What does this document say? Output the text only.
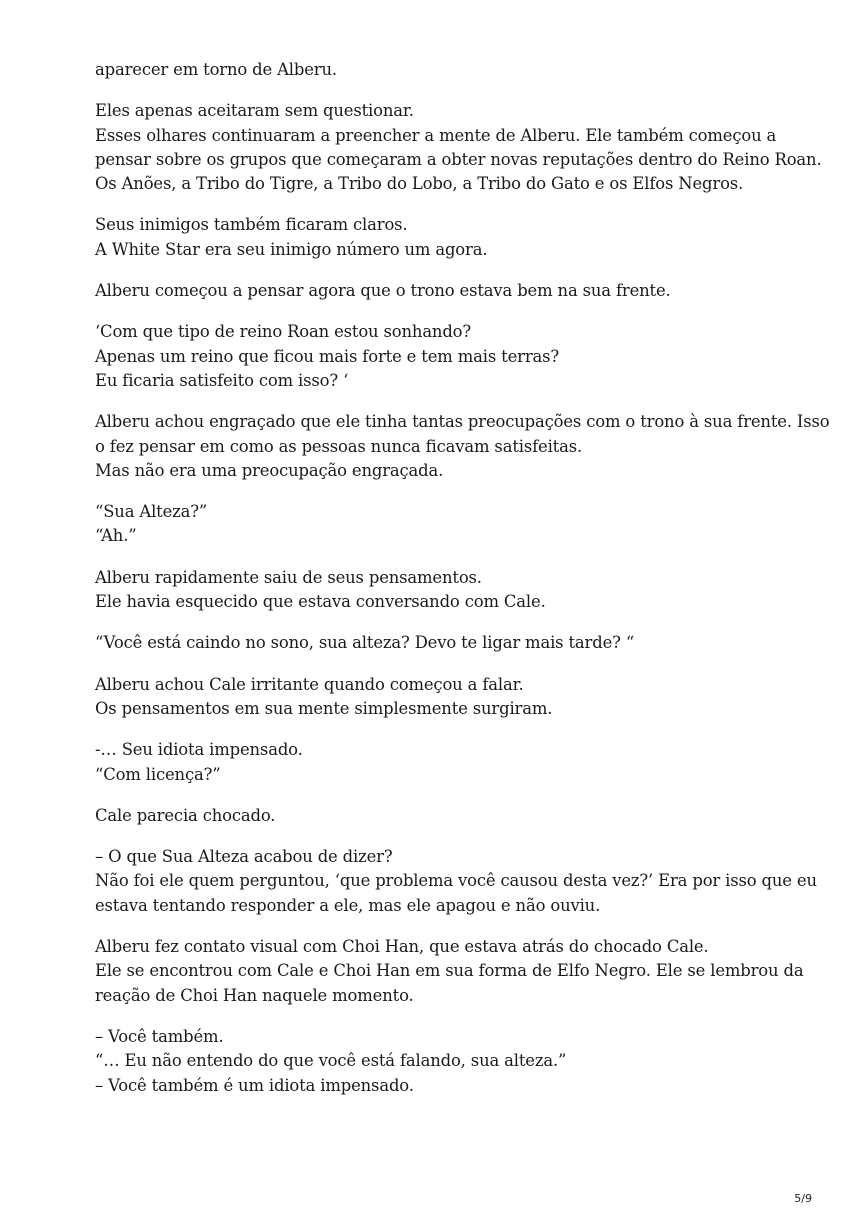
aparecer em torno de Alberu.

Eles apenas aceitaram sem questionar.
Esses olhares continuaram a preencher a mente de Alberu. Ele também começou a
pensar sobre os grupos que começaram a obter novas reputações dentro do Reino Roan.
Os Anões, a Tribo do Tigre, a Tribo do Lobo, a Tribo do Gato e os Elfos Negros.

Seus inimigos também ficaram claros.
A White Star era seu inimigo número um agora.

Alberu começou a pensar agora que o trono estava bem na sua frente.

‘Com que tipo de reino Roan estou sonhando?
Apenas um reino que ficou mais forte e tem mais terras?
Eu ficaria satisfeito com isso? ‘

Alberu achou engraçado que ele tinha tantas preocupações com o trono à sua frente. Isso
o fez pensar em como as pessoas nunca ficavam satisfeitas.
Mas não era uma preocupação engraçada.

“Sua Alteza?”
“Ah.”

Alberu rapidamente saiu de seus pensamentos.
Ele havia esquecido que estava conversando com Cale.

“Você está caindo no sono, sua alteza? Devo te ligar mais tarde? “

Alberu achou Cale irritante quando começou a falar.
Os pensamentos em sua mente simplesmente surgiram.

-… Seu idiota impensado.
“Com licença?”

Cale parecia chocado.

– O que Sua Alteza acabou de dizer?
Não foi ele quem perguntou, ‘que problema você causou desta vez?’ Era por isso que eu
estava tentando responder a ele, mas ele apagou e não ouviu.

Alberu fez contato visual com Choi Han, que estava atrás do chocado Cale.
Ele se encontrou com Cale e Choi Han em sua forma de Elfo Negro. Ele se lembrou da
reação de Choi Han naquele momento.

– Você também.
“… Eu não entendo do que você está falando, sua alteza.”
– Você também é um idiota impensado.

5/9
